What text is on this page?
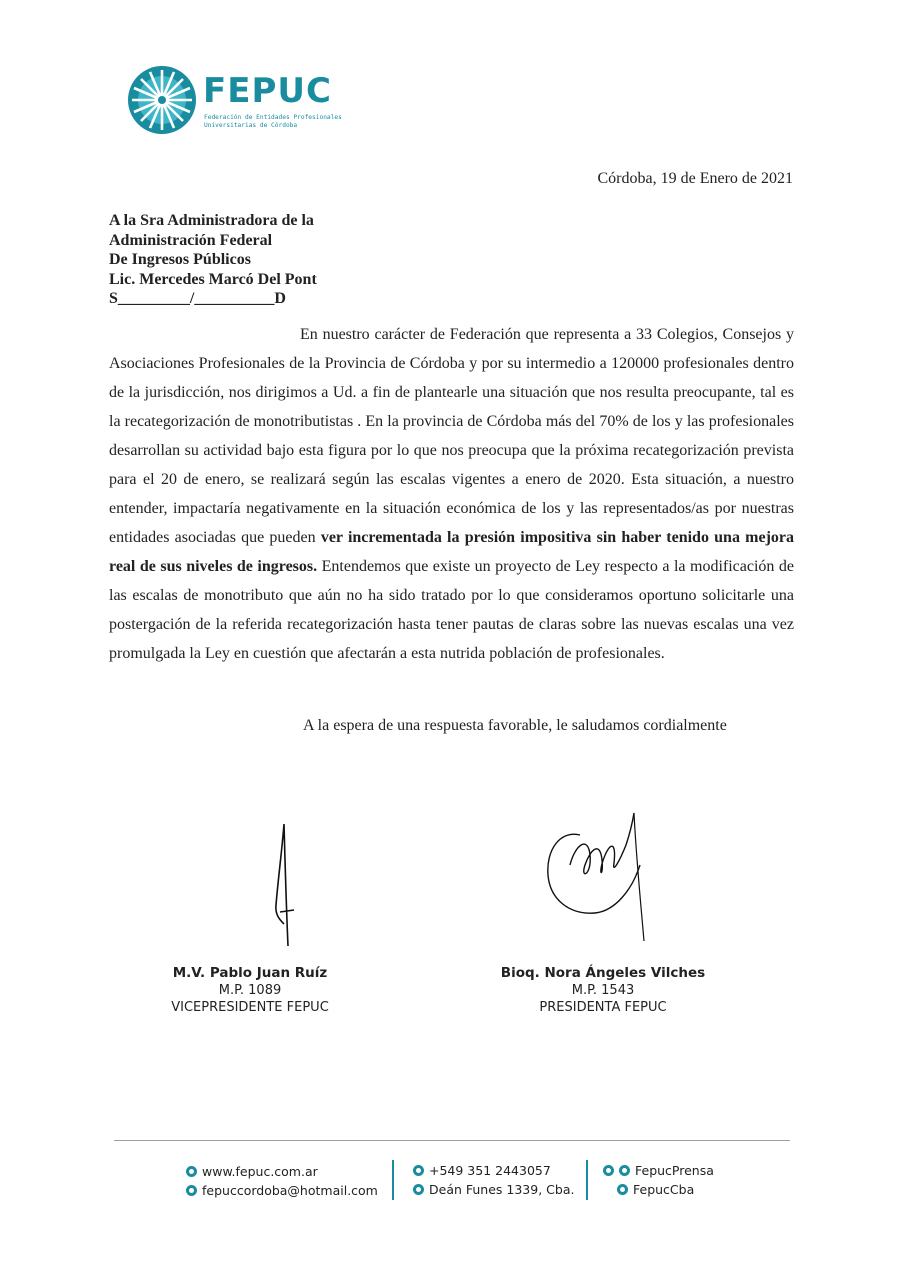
FEPUC
Federación de Entidades Profesionales
Universitarias de Córdoba
Córdoba, 19 de Enero de 2021
A la Sra Administradora de la
Administración Federal
De Ingresos Públicos
Lic. Mercedes Marcó Del Pont
S_________/__________D

En nuestro carácter de Federación que representa a 33 Colegios, Consejos y Asociaciones Profesionales de la Provincia de Córdoba y por su intermedio a 120000 profesionales dentro de la jurisdicción, nos dirigimos a Ud. a fin de plantearle una situación que nos resulta preocupante, tal es la recategorización de monotributistas . En la provincia de Córdoba más del 70% de los y las profesionales desarrollan su actividad bajo esta figura por lo que nos preocupa que la próxima recategorización prevista para el 20 de enero, se realizará según las escalas vigentes a enero de 2020. Esta situación, a nuestro entender, impactaría negativamente en la situación económica de los y las representados/as por nuestras entidades asociadas que pueden ver incrementada la presión impositiva sin haber tenido una mejora real de sus niveles de ingresos. Entendemos que existe un proyecto de Ley respecto a la modificación de las escalas de monotributo que aún no ha sido tratado por lo que consideramos oportuno solicitarle una postergación de la referida recategorización hasta tener pautas de claras sobre las nuevas escalas una vez promulgada la Ley en cuestión que afectarán a esta nutrida población de profesionales.

A la espera de una respuesta favorable, le saludamos cordialmente
M.V. Pablo Juan Ruíz
M.P. 1089
VICEPRESIDENTE FEPUC
Bioq. Nora Ángeles Vilches
M.P. 1543
PRESIDENTA FEPUC
www.fepuc.com.ar
fepuccordoba@hotmail.com
+549 351 2443057
Deán Funes 1339, Cba.
FepucPrensa
FepucCba
